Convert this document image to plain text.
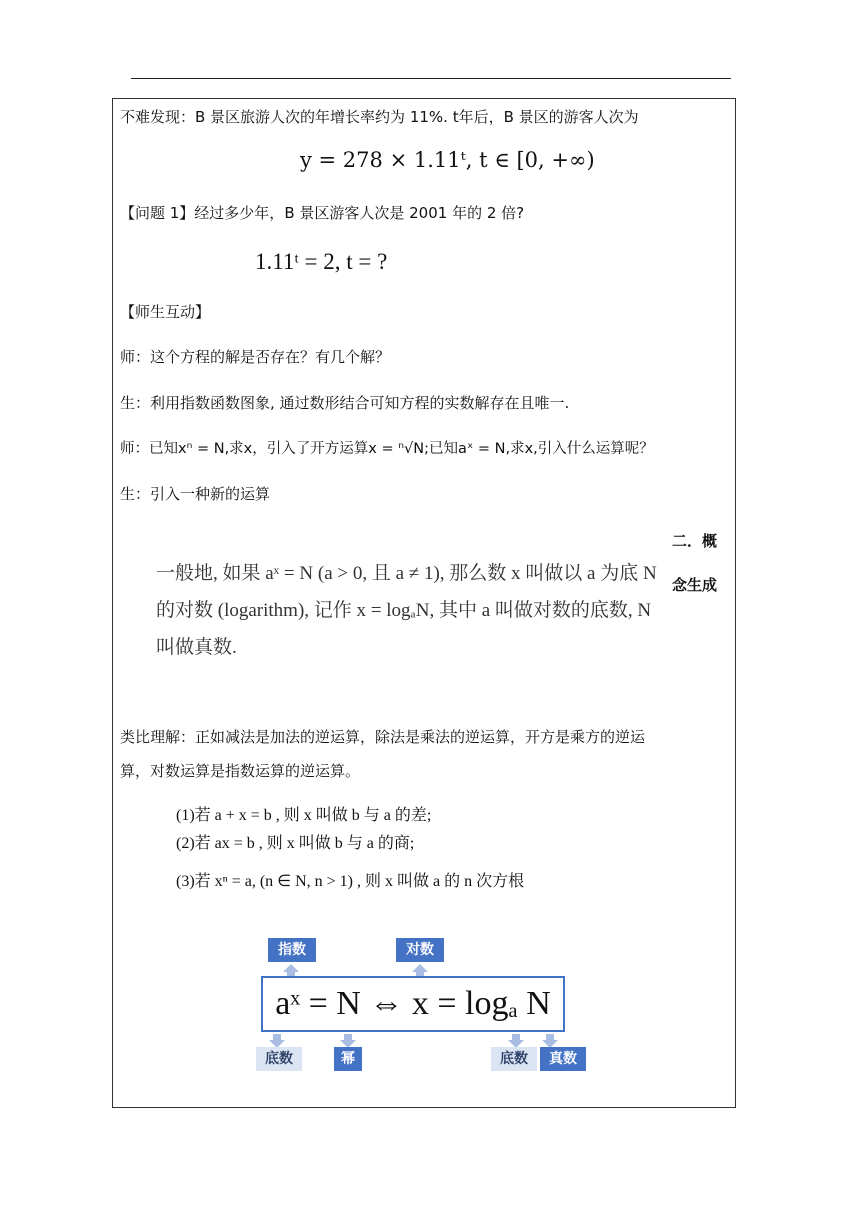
不难发现：B 景区旅游人次的年增长率约为 11%. t年后，B 景区的游客人次为
y = 278 × 1.11ᵗ, t ∈ [0, +∞)
【问题 1】经过多少年，B 景区游客人次是 2001 年的 2 倍?
1.11ᵗ = 2, t = ?
【师生互动】
师：这个方程的解是否存在？有几个解？
生：利用指数函数图象, 通过数形结合可知方程的实数解存在且唯一.
师：已知xⁿ = N,求x，引入了开方运算x = ⁿ√N;已知aˣ = N,求x,引入什么运算呢？
生：引入一种新的运算
二．概
念生成
一般地, 如果 aˣ = N (a > 0, 且 a ≠ 1), 那么数 x 叫做以 a 为底 N 的对数 (logarithm), 记作 x = logₐN, 其中 a 叫做对数的底数, N 叫做真数.
类比理解：正如减法是加法的逆运算，除法是乘法的逆运算，开方是乘方的逆运
算，对数运算是指数运算的逆运算。
(1)若 a + x = b , 则 x 叫做 b 与 a 的差;
(2)若 ax = b , 则 x 叫做 b 与 a 的商;
(3)若 xⁿ = a, (n ∈ N, n > 1) , 则 x 叫做 a 的 n 次方根
指数	对数
aˣ = N ⇔ x = logₐ N
底数	幂	底数	真数
